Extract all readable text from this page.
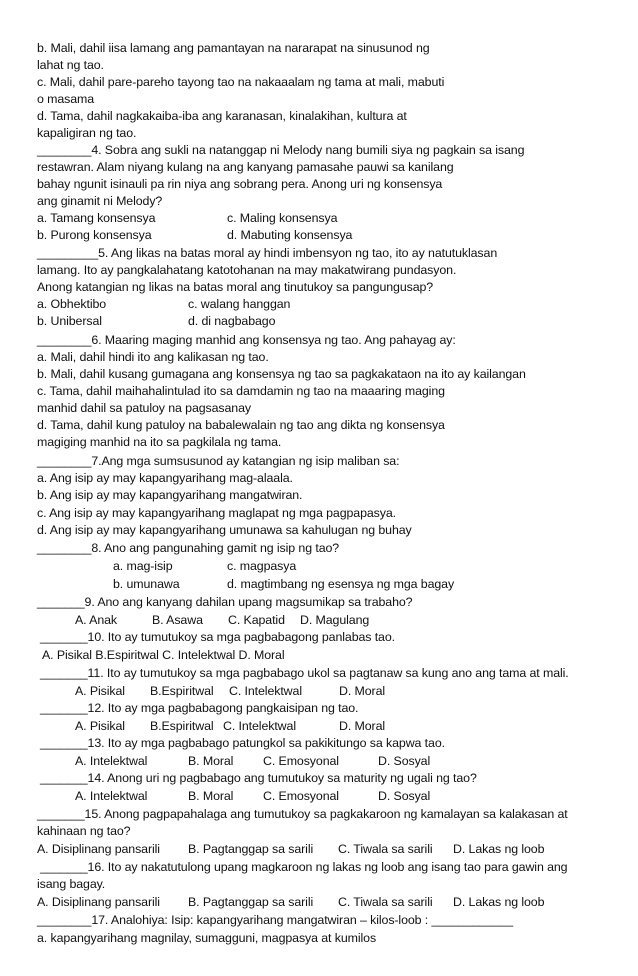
b. Mali, dahil iisa lamang ang pamantayan na nararapat na sinusunod ng
lahat ng tao.
c. Mali, dahil pare-pareho tayong tao na nakaaalam ng tama at mali, mabuti
o masama
d. Tama, dahil nagkakaiba-iba ang karanasan, kinalakihan, kultura at
kapaligiran ng tao.
________4. Sobra ang sukli na natanggap ni Melody nang bumili siya ng pagkain sa isang
restawran. Alam niyang kulang na ang kanyang pamasahe pauwi sa kanilang
bahay ngunit isinauli pa rin niya ang sobrang pera. Anong uri ng konsensya
ang ginamit ni Melody?
a. Tamang konsensya	c. Maling konsensya
b. Purong konsensya	d. Mabuting konsensya
_________5. Ang likas na batas moral ay hindi imbensyon ng tao, ito ay natutuklasan
lamang. Ito ay pangkalahatang katotohanan na may makatwirang pundasyon.
Anong katangian ng likas na batas moral ang tinutukoy sa pangungusap?
a. Obhektibo	c. walang hanggan
b. Unibersal	d. di nagbabago
________6. Maaring maging manhid ang konsensya ng tao. Ang pahayag ay:
a. Mali, dahil hindi ito ang kalikasan ng tao.
b. Mali, dahil kusang gumagana ang konsensya ng tao sa pagkakataon na ito ay kailangan
c. Tama, dahil maihahalintulad ito sa damdamin ng tao na maaaring maging
manhid dahil sa patuloy na pagsasanay
d. Tama, dahil kung patuloy na babalewalain ng tao ang dikta ng konsensya
magiging manhid na ito sa pagkilala ng tama.
________7.Ang mga sumsusunod ay katangian ng isip maliban sa:
a. Ang isip ay may kapangyarihang mag-alaala.
b. Ang isip ay may kapangyarihang mangatwiran.
c. Ang isip ay may kapangyarihang maglapat ng mga pagpapasya.
d. Ang isip ay may kapangyarihang umunawa sa kahulugan ng buhay
________8. Ano ang pangunahing gamit ng isip ng tao?
a. mag-isip	c. magpasya
b. umunawa	d. magtimbang ng esensya ng mga bagay
_______9. Ano ang kanyang dahilan upang magsumikap sa trabaho?
A. Anak	B. Asawa C. Kapatid D. Magulang
_______10. Ito ay tumutukoy sa mga pagbabagong panlabas tao.
A. Pisikal B.Espiritwal C. Intelektwal D. Moral
_______11. Ito ay tumutukoy sa mga pagbabago ukol sa pagtanaw sa kung ano ang tama at mali.
A. Pisikal B.Espiritwal C. Intelektwal	D. Moral
_______12. Ito ay mga pagbabagong pangkaisipan ng tao.
A. Pisikal B.Espiritwal C. Intelektwal	D. Moral
_______13. Ito ay mga pagbabago patungkol sa pakikitungo sa kapwa tao.
A. Intelektwal	B. Moral C. Emosyonal	D. Sosyal
_______14. Anong uri ng pagbabago ang tumutukoy sa maturity ng ugali ng tao?
A. Intelektwal	B. Moral C. Emosyonal	D. Sosyal
_______15. Anong pagpapahalaga ang tumutukoy sa pagkakaroon ng kamalayan sa kalakasan at
kahinaan ng tao?
A. Disiplinang pansarili B. Pagtanggap sa sarili C. Tiwala sa sarili D. Lakas ng loob
_______16. Ito ay nakatutulong upang magkaroon ng lakas ng loob ang isang tao para gawin ang
isang bagay.
A. Disiplinang pansarili B. Pagtanggap sa sarili C. Tiwala sa sarili D. Lakas ng loob
________17. Analohiya: Isip: kapangyarihang mangatwiran – kilos-loob : ____________
a. kapangyarihang magnilay, sumagguni, magpasya at kumilos
